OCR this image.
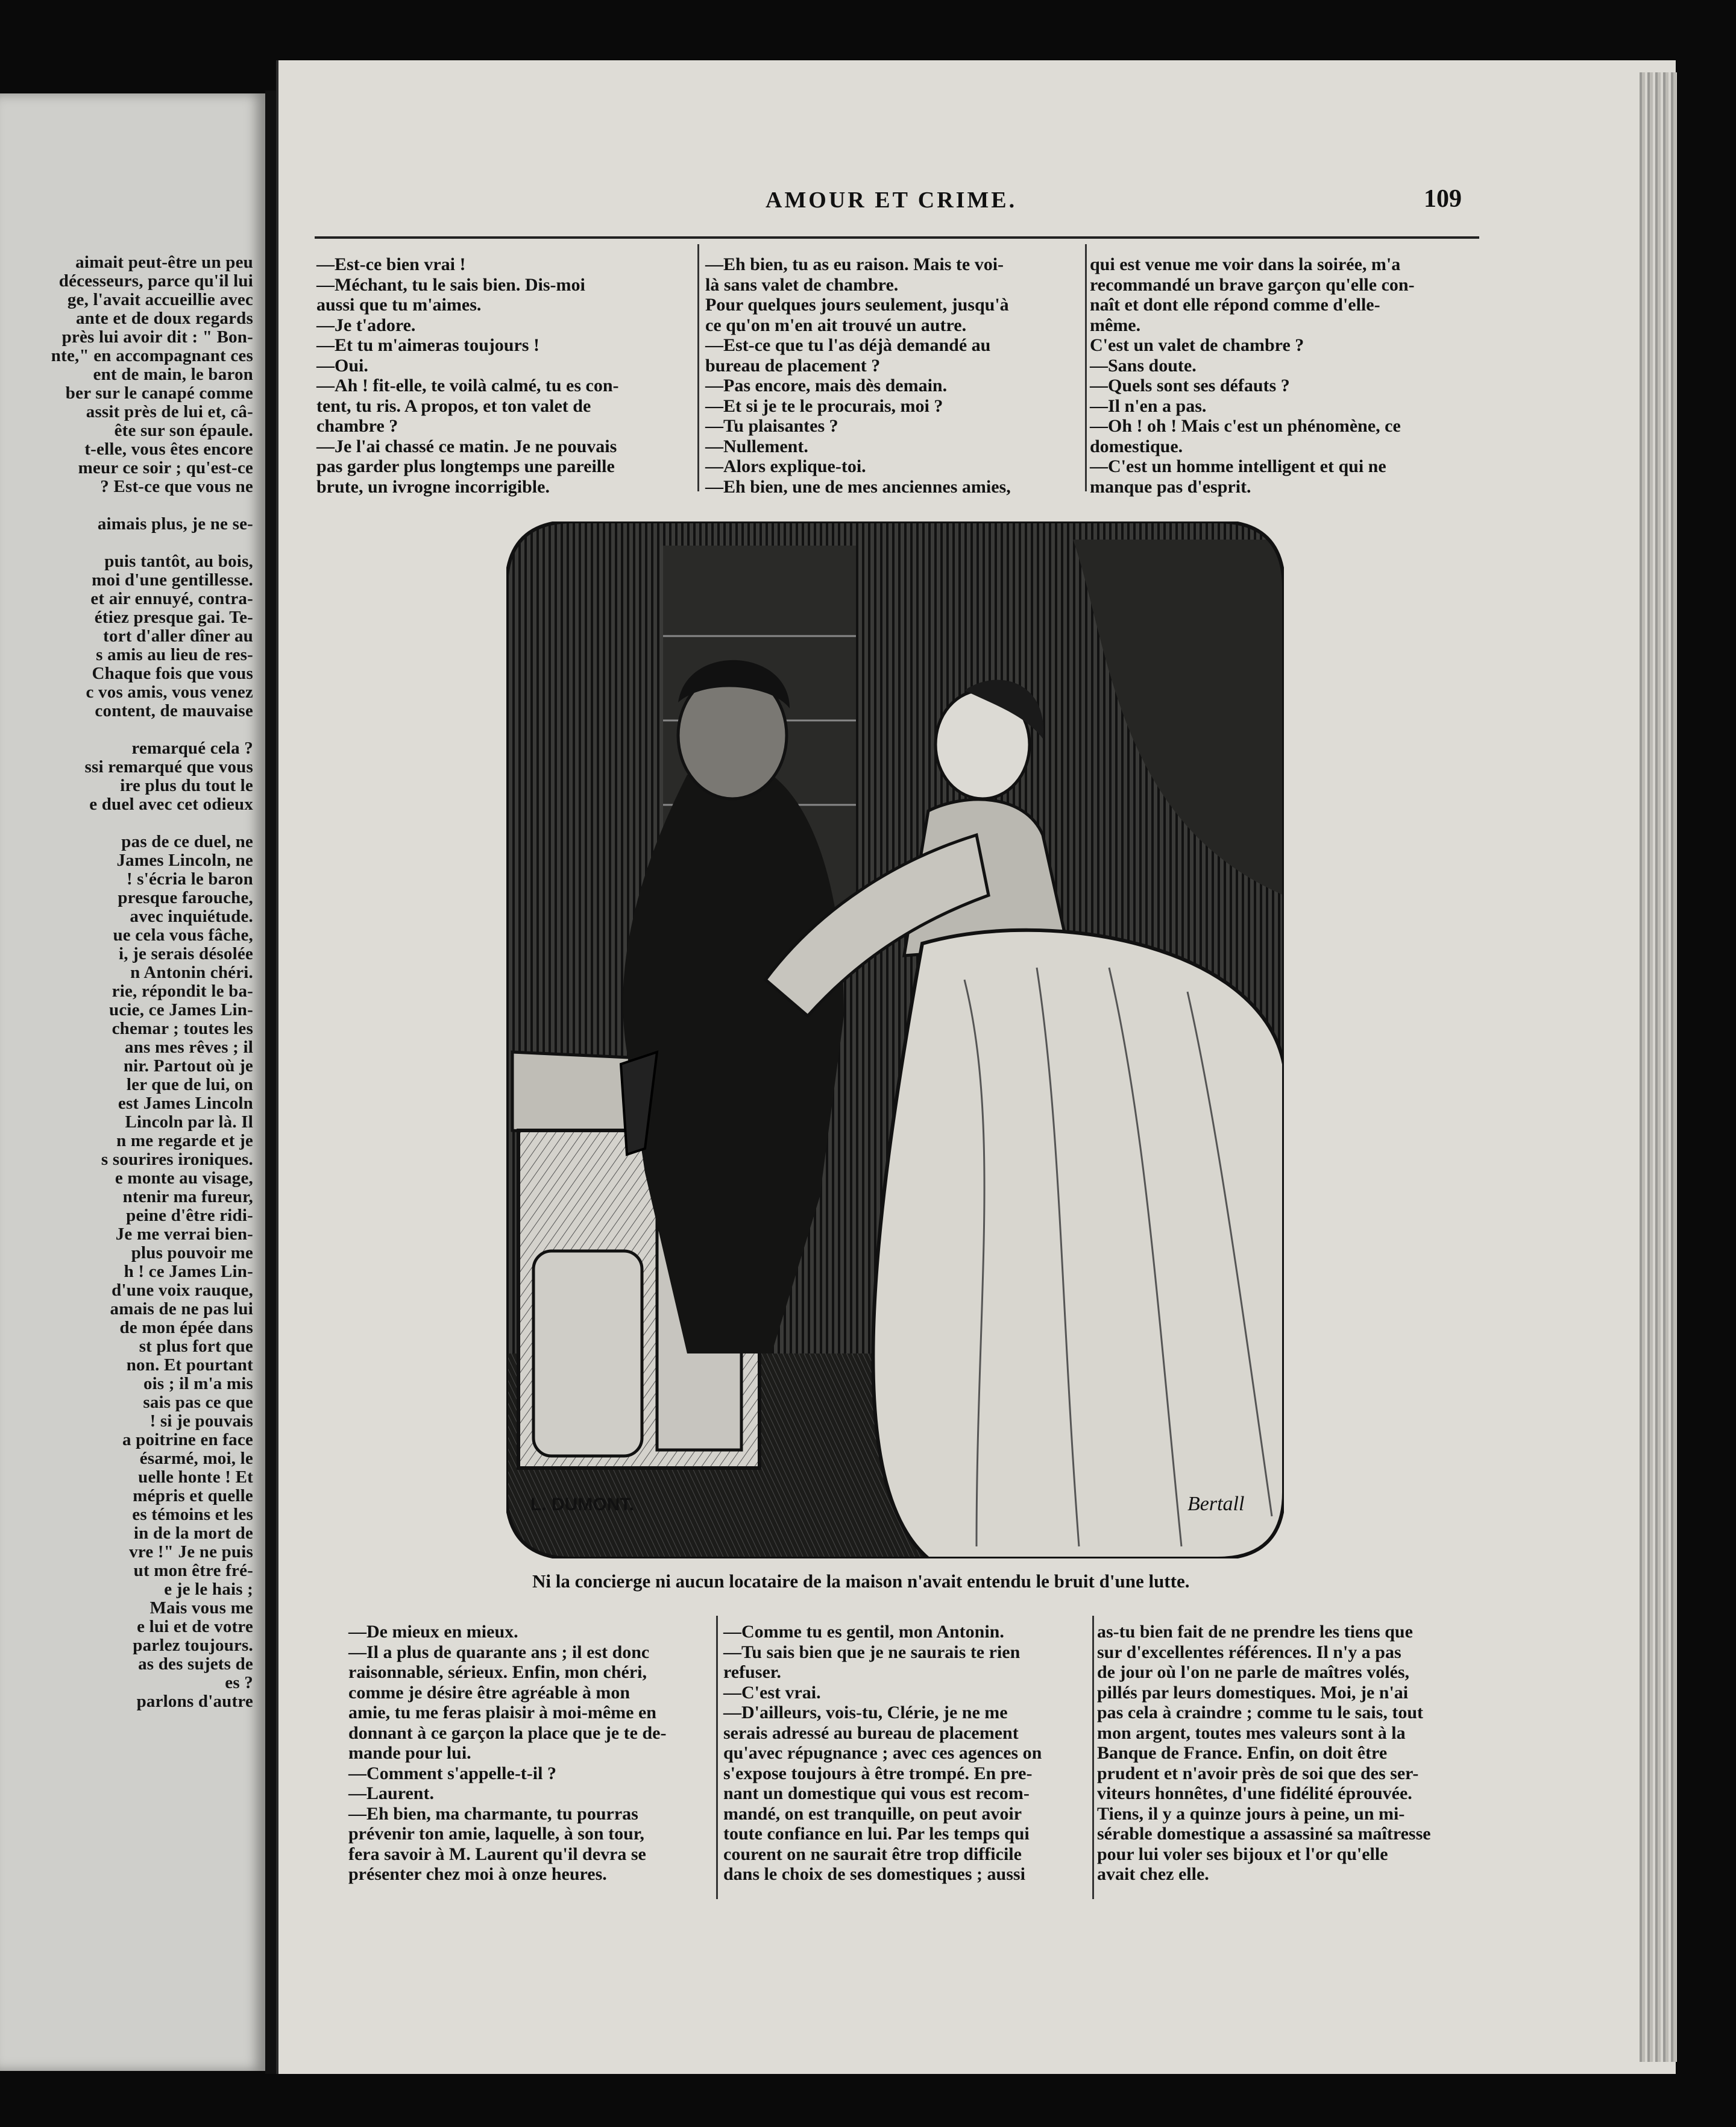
aimait peut-être un peu
décesseurs, parce qu'il lui
ge, l'avait accueillie avec
ante et de doux regards
près lui avoir dit : " Bon-
nte," en accompagnant ces
ent de main, le baron
ber sur le canapé comme
assit près de lui et, câ-
ête sur son épaule.
t-elle, vous êtes encore
meur ce soir ; qu'est-ce
? Est-ce que vous ne

aimais plus, je ne se-

puis tantôt, au bois,
moi d'une gentillesse.
et air ennuyé, contra-
étiez presque gai. Te-
tort d'aller dîner au
s amis au lieu de res-
Chaque fois que vous
c vos amis, vous venez
content, de mauvaise

remarqué cela ?
ssi remarqué que vous
ire plus du tout le
e duel avec cet odieux

pas de ce duel, ne
James Lincoln, ne
! s'écria le baron
presque farouche,
avec inquiétude.
ue cela vous fâche,
i, je serais désolée
n Antonin chéri.
rie, répondit le ba-
ucie, ce James Lin-
chemar ; toutes les
ans mes rêves ; il
nir. Partout où je
ler que de lui, on
est James Lincoln
Lincoln par là. Il
n me regarde et je
s sourires ironiques.
e monte au visage,
ntenir ma fureur,
peine d'être ridi-
Je me verrai bien-
plus pouvoir me
h ! ce James Lin-
d'une voix rauque,
amais de ne pas lui
de mon épée dans
st plus fort que
non. Et pourtant
ois ; il m'a mis
sais pas ce que
! si je pouvais
a poitrine en face
ésarmé, moi, le
uelle honte ! Et
mépris et quelle
es témoins et les
in de la mort de
vre !" Je ne puis
ut mon être fré-
e je le hais ;
Mais vous me
e lui et de votre
parlez toujours.
as des sujets de
es ?
parlons d'autre
AMOUR ET CRIME.	109
—Est-ce bien vrai !
—Méchant, tu le sais bien. Dis-moi
aussi que tu m'aimes.
—Je t'adore.
—Et tu m'aimeras toujours !
—Oui.
—Ah ! fit-elle, te voilà calmé, tu es con-
tent, tu ris. A propos, et ton valet de
chambre ?
—Je l'ai chassé ce matin. Je ne pouvais
pas garder plus longtemps une pareille
brute, un ivrogne incorrigible.
—Eh bien, tu as eu raison. Mais te voi-
là sans valet de chambre.
Pour quelques jours seulement, jusqu'à
ce qu'on m'en ait trouvé un autre.
—Est-ce que tu l'as déjà demandé au
bureau de placement ?
—Pas encore, mais dès demain.
—Et si je te le procurais, moi ?
—Tu plaisantes ?
—Nullement.
—Alors explique-toi.
—Eh bien, une de mes anciennes amies,
qui est venue me voir dans la soirée, m'a
recommandé un brave garçon qu'elle con-
naît et dont elle répond comme d'elle-
même.
C'est un valet de chambre ?
—Sans doute.
—Quels sont ses défauts ?
—Il n'en a pas.
—Oh ! oh ! Mais c'est un phénomène, ce
domestique.
—C'est un homme intelligent et qui ne
manque pas d'esprit.
L. DUMONT.	Bertall
Ni la concierge ni aucun locataire de la maison n'avait entendu le bruit d'une lutte.
—De mieux en mieux.
—Il a plus de quarante ans ; il est donc
raisonnable, sérieux. Enfin, mon chéri,
comme je désire être agréable à mon
amie, tu me feras plaisir à moi-même en
donnant à ce garçon la place que je te de-
mande pour lui.
—Comment s'appelle-t-il ?
—Laurent.
—Eh bien, ma charmante, tu pourras
prévenir ton amie, laquelle, à son tour,
fera savoir à M. Laurent qu'il devra se
présenter chez moi à onze heures.
—Comme tu es gentil, mon Antonin.
—Tu sais bien que je ne saurais te rien
refuser.
—C'est vrai.
—D'ailleurs, vois-tu, Clérie, je ne me
serais adressé au bureau de placement
qu'avec répugnance ; avec ces agences on
s'expose toujours à être trompé. En pre-
nant un domestique qui vous est recom-
mandé, on est tranquille, on peut avoir
toute confiance en lui. Par les temps qui
courent on ne saurait être trop difficile
dans le choix de ses domestiques ; aussi
as-tu bien fait de ne prendre les tiens que
sur d'excellentes références. Il n'y a pas
de jour où l'on ne parle de maîtres volés,
pillés par leurs domestiques. Moi, je n'ai
pas cela à craindre ; comme tu le sais, tout
mon argent, toutes mes valeurs sont à la
Banque de France. Enfin, on doit être
prudent et n'avoir près de soi que des ser-
viteurs honnêtes, d'une fidélité éprouvée.
Tiens, il y a quinze jours à peine, un mi-
sérable domestique a assassiné sa maîtresse
pour lui voler ses bijoux et l'or qu'elle
avait chez elle.
